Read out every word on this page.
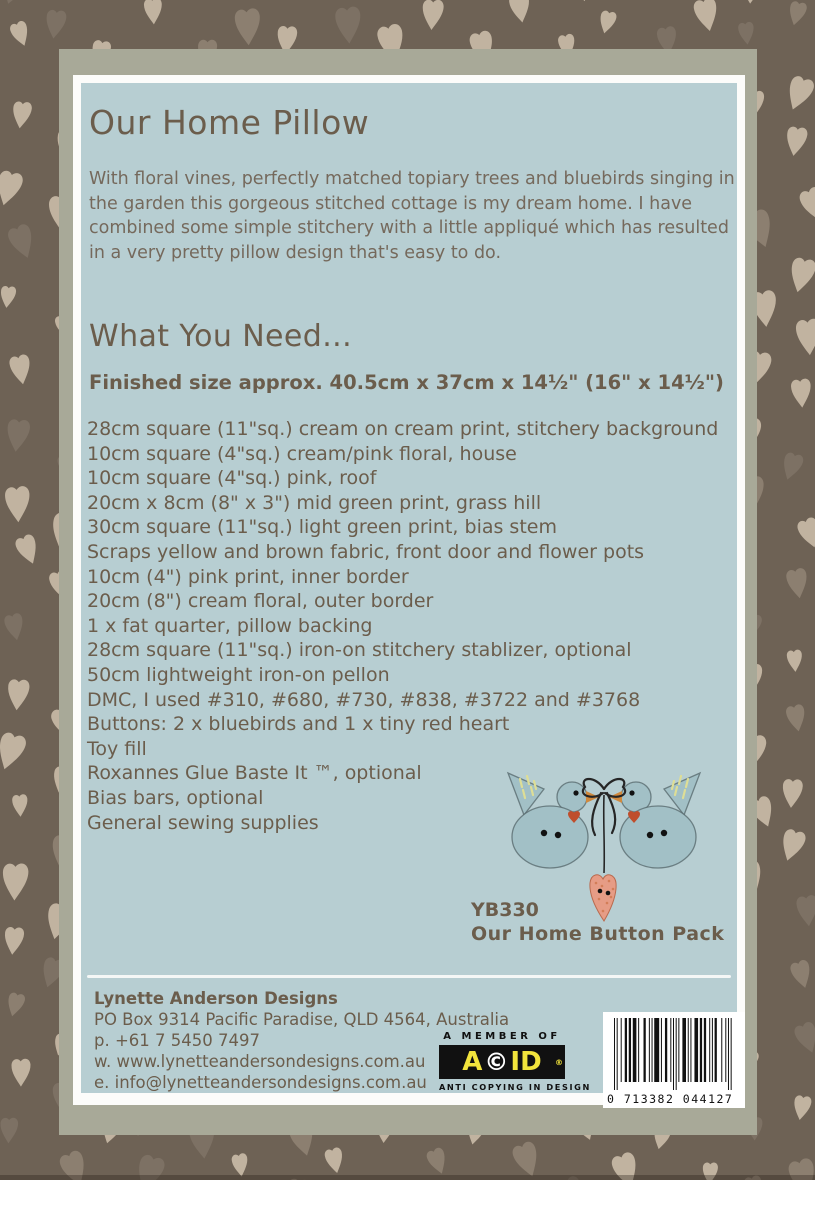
Our Home Pillow
With floral vines, perfectly matched topiary trees and bluebirds singing in the garden this gorgeous stitched cottage is my dream home. I have combined some simple stitchery with a little appliqué which has resulted in a very pretty pillow design that's easy to do.
What You Need...
Finished size approx. 40.5cm x 37cm x 14½" (16" x 14½")
28cm square (11"sq.) cream on cream print, stitchery background
10cm square (4"sq.) cream/pink floral, house
10cm square (4"sq.) pink, roof
20cm x 8cm (8" x 3") mid green print, grass hill
30cm square (11"sq.) light green print, bias stem
Scraps yellow and brown fabric, front door and flower pots
10cm (4") pink print, inner border
20cm (8") cream floral, outer border
1 x fat quarter, pillow backing
28cm square (11"sq.) iron-on stitchery stablizer, optional
50cm lightweight iron-on pellon
DMC, I used #310, #680, #730, #838, #3722 and #3768
Buttons: 2 x bluebirds and 1 x tiny red heart
Toy fill
Roxannes Glue Baste It ™, optional
Bias bars, optional
General sewing supplies
YB330
Our Home Button Pack
Lynette Anderson Designs
PO Box 9314 Pacific Paradise, QLD 4564, Australia
p. +61 7 5450 7497
w. www.lynetteandersondesigns.com.au
e. info@lynetteandersondesigns.com.au
A MEMBER OF
A © ID ®
ANTI COPYING IN DESIGN
0 713382 044127
